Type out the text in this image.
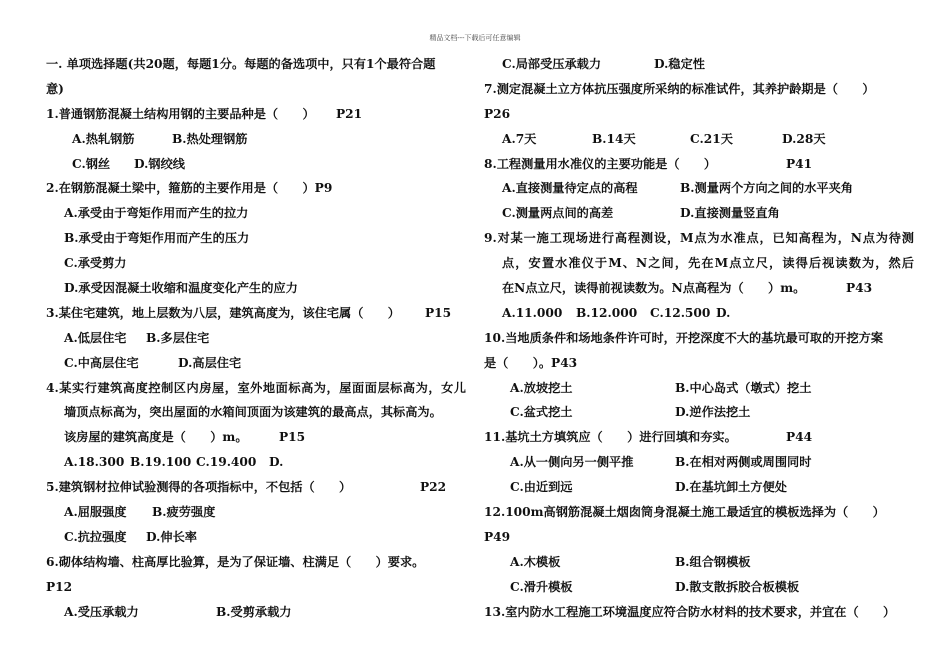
精品文档---下载后可任意编辑
一. 单项选择题(共20题，每题1分。每题的备选项中，只有1个最符合题
意)
1.普通钢筋混凝土结构用钢的主要品种是（　　） P21
A.热轧钢筋	B.热处理钢筋
C.钢丝 D.钢绞线
2.在钢筋混凝土梁中，箍筋的主要作用是（　　）P9
A.承受由于弯矩作用而产生的拉力
B.承受由于弯矩作用而产生的压力
C.承受剪力
D.承受因混凝土收缩和温度变化产生的应力
3.某住宅建筑，地上层数为八层，建筑高度为，该住宅属（　　） P15
A.低层住宅 B.多层住宅
C.中高层住宅	D.高层住宅
4.某实行建筑高度控制区内房屋，室外地面标高为，屋面面层标高为，女儿
墙顶点标高为，突出屋面的水箱间顶面为该建筑的最高点，其标高为。
该房屋的建筑高度是（　　）m。	P15
A.18.300 B.19.100 C.19.400 D.
5.建筑钢材拉伸试验测得的各项指标中，不包括（　　）	P22
A.屈服强度 B.疲劳强度
C.抗拉强度 D.伸长率
6.砌体结构墙、柱高厚比验算，是为了保证墙、柱满足（　　）要求。
P12
A.受压承载力	B.受剪承载力
C.局部受压承载力	D.稳定性
7.测定混凝土立方体抗压强度所采纳的标准试件，其养护龄期是（　　）
P26
A.7天	B.14天	C.21天	D.28天
8.工程测量用水准仪的主要功能是（　　）	P41
A.直接测量待定点的高程	B.测量两个方向之间的水平夹角
C.测量两点间的高差	D.直接测量竖直角
9.对某一施工现场进行高程测设，M点为水准点，已知高程为，N点为待测
点，安置水准仪于M、N之间，先在M点立尺，读得后视读数为，然后
在N点立尺，读得前视读数为。N点高程为（　　）m。	P43
A.11.000 B.12.000 C.12.500 D.
10.当地质条件和场地条件许可时，开挖深度不大的基坑最可取的开挖方案
是（　　）。P43
A.放坡挖土	B.中心岛式（墩式）挖土
C.盆式挖土	D.逆作法挖土
11.基坑土方填筑应（　　）进行回填和夯实。	P44
A.从一侧向另一侧平推	B.在相对两侧或周围同时
C.由近到远	D.在基坑卸土方便处
12.100m高钢筋混凝土烟囱筒身混凝土施工最适宜的模板选择为（　　）
P49
A.木模板	B.组合钢模板
C.滑升模板	D.散支散拆胶合板模板
13.室内防水工程施工环境温度应符合防水材料的技术要求，并宜在（　　）
